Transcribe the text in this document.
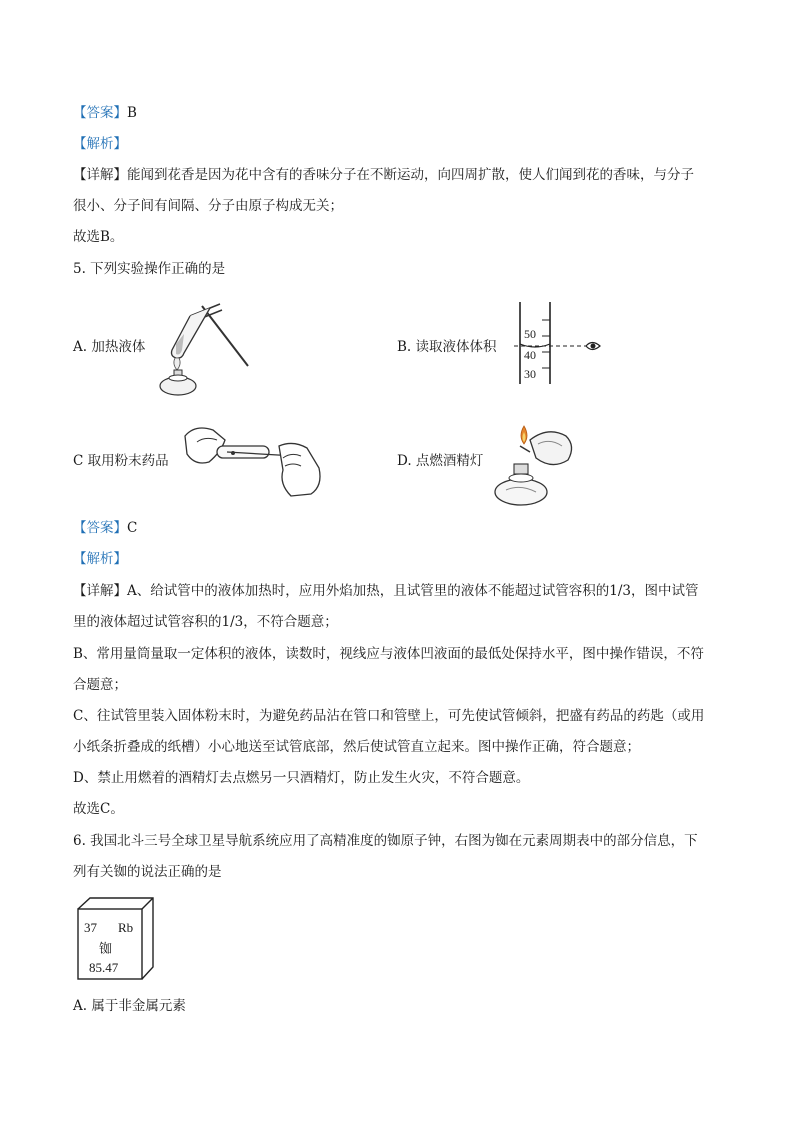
【答案】B
【解析】
【详解】能闻到花香是因为花中含有的香味分子在不断运动，向四周扩散，使人们闻到花的香味，与分子
很小、分子间有间隔、分子由原子构成无关；
故选B。
5. 下列实验操作正确的是
A. 加热液体	B. 读取液体体积
C 取用粉末药品	D. 点燃酒精灯
50
40
30
【答案】C
【解析】
【详解】A、给试管中的液体加热时，应用外焰加热，且试管里的液体不能超过试管容积的1/3，图中试管
里的液体超过试管容积的1/3，不符合题意；
B、常用量筒量取一定体积的液体，读数时，视线应与液体凹液面的最低处保持水平，图中操作错误，不符
合题意；
C、往试管里装入固体粉末时，为避免药品沾在管口和管壁上，可先使试管倾斜，把盛有药品的药匙（或用
小纸条折叠成的纸槽）小心地送至试管底部，然后使试管直立起来。图中操作正确，符合题意；
D、禁止用燃着的酒精灯去点燃另一只酒精灯，防止发生火灾，不符合题意。
故选C。
6. 我国北斗三号全球卫星导航系统应用了高精准度的铷原子钟，右图为铷在元素周期表中的部分信息，下
列有关铷的说法正确的是
37 Rb
铷
85.47
A. 属于非金属元素
